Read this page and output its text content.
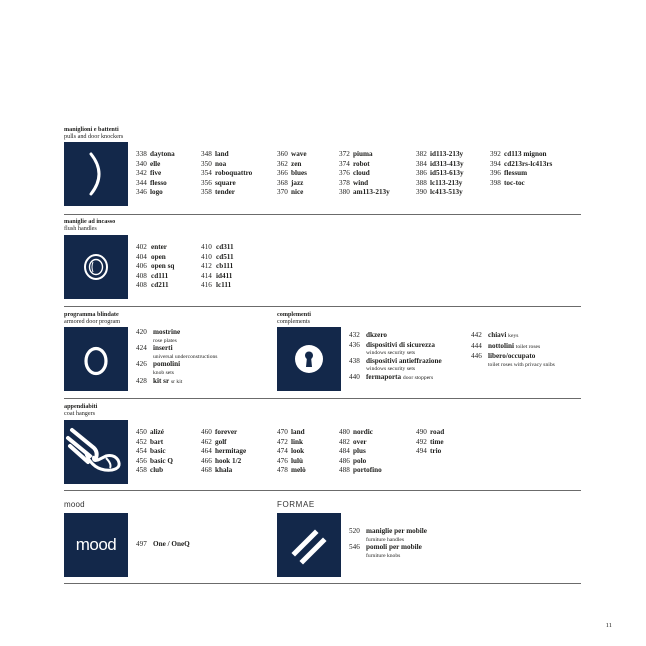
maniglioni e battenti
pulls and door knockers
338 daytona
340 elle
342 five
344 flesso
346 logo
348 land
350 noa
354 roboquattro
356 square
358 tender
360 wave
362 zen
366 blues
368 jazz
370 nice
372 piuma
374 robot
376 cloud
378 wind
380 am113-213y
382 id113-213y
384 id313-413y
386 id513-613y
388 lc113-213y
390 lc413-513y
392 cd113 mignon
394 cd213rs-lc413rs
396 flessum
398 toc-toc
maniglie ad incasso
flush handles
402 enter
404 open
406 open sq
408 cd111
408 cd211
410 cd311
410 cd511
412 cb111
414 id411
416 lc111
programma blindate
armored door program
420 mostrine
rose plates
424 inserti
universal underconstructions
426 pomolini
knob sets
428 kit sr sr kit
complementi
complements
432 dkzero
436 dispositivi di sicurezza
windows security sets
438 dispositivi antieffrazione
windows security sets
440 fermaporta door stoppers
442 chiavi keys
444 nottolini toilet roses
446 libero/occupato
toilet roses with privacy snibs
appendiabiti
coat hangers
450 alizé
452 bart
454 basic
456 basic Q
458 club
460 forever
462 golf
464 hermitage
466 hook 1/2
468 khala
470 land
472 link
474 look
476 lulù
478 melò
480 nordic
482 over
484 plus
486 polo
488 portofino
490 road
492 time
494 trio
mood
mood	497 One / OneQ
FORMAE
520 maniglie per mobile
furniture handles
546 pomoli per mobile
furniture knobs
11
